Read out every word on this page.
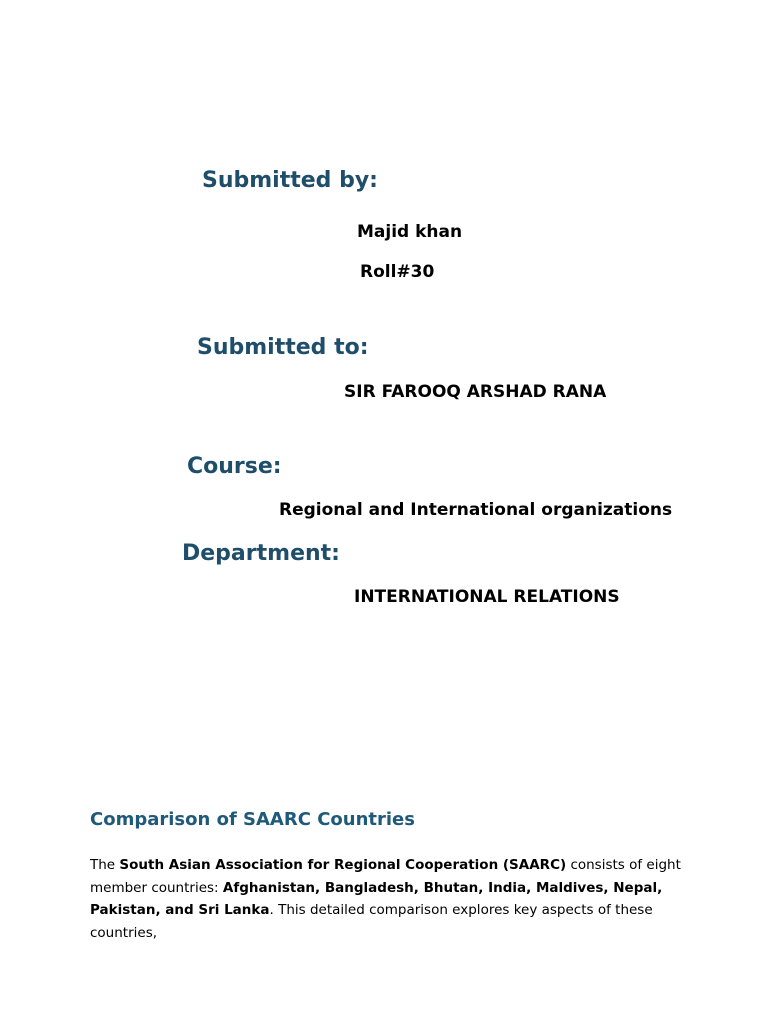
Submitted by:
Majid khan
Roll#30
Submitted to:
SIR FAROOQ ARSHAD RANA
Course:
Regional and International organizations
Department:
INTERNATIONAL RELATIONS
Comparison of SAARC Countries

The South Asian Association for Regional Cooperation (SAARC) consists of eight member countries: Afghanistan, Bangladesh, Bhutan, India, Maldives, Nepal, Pakistan, and Sri Lanka. This detailed comparison explores key aspects of these countries,
